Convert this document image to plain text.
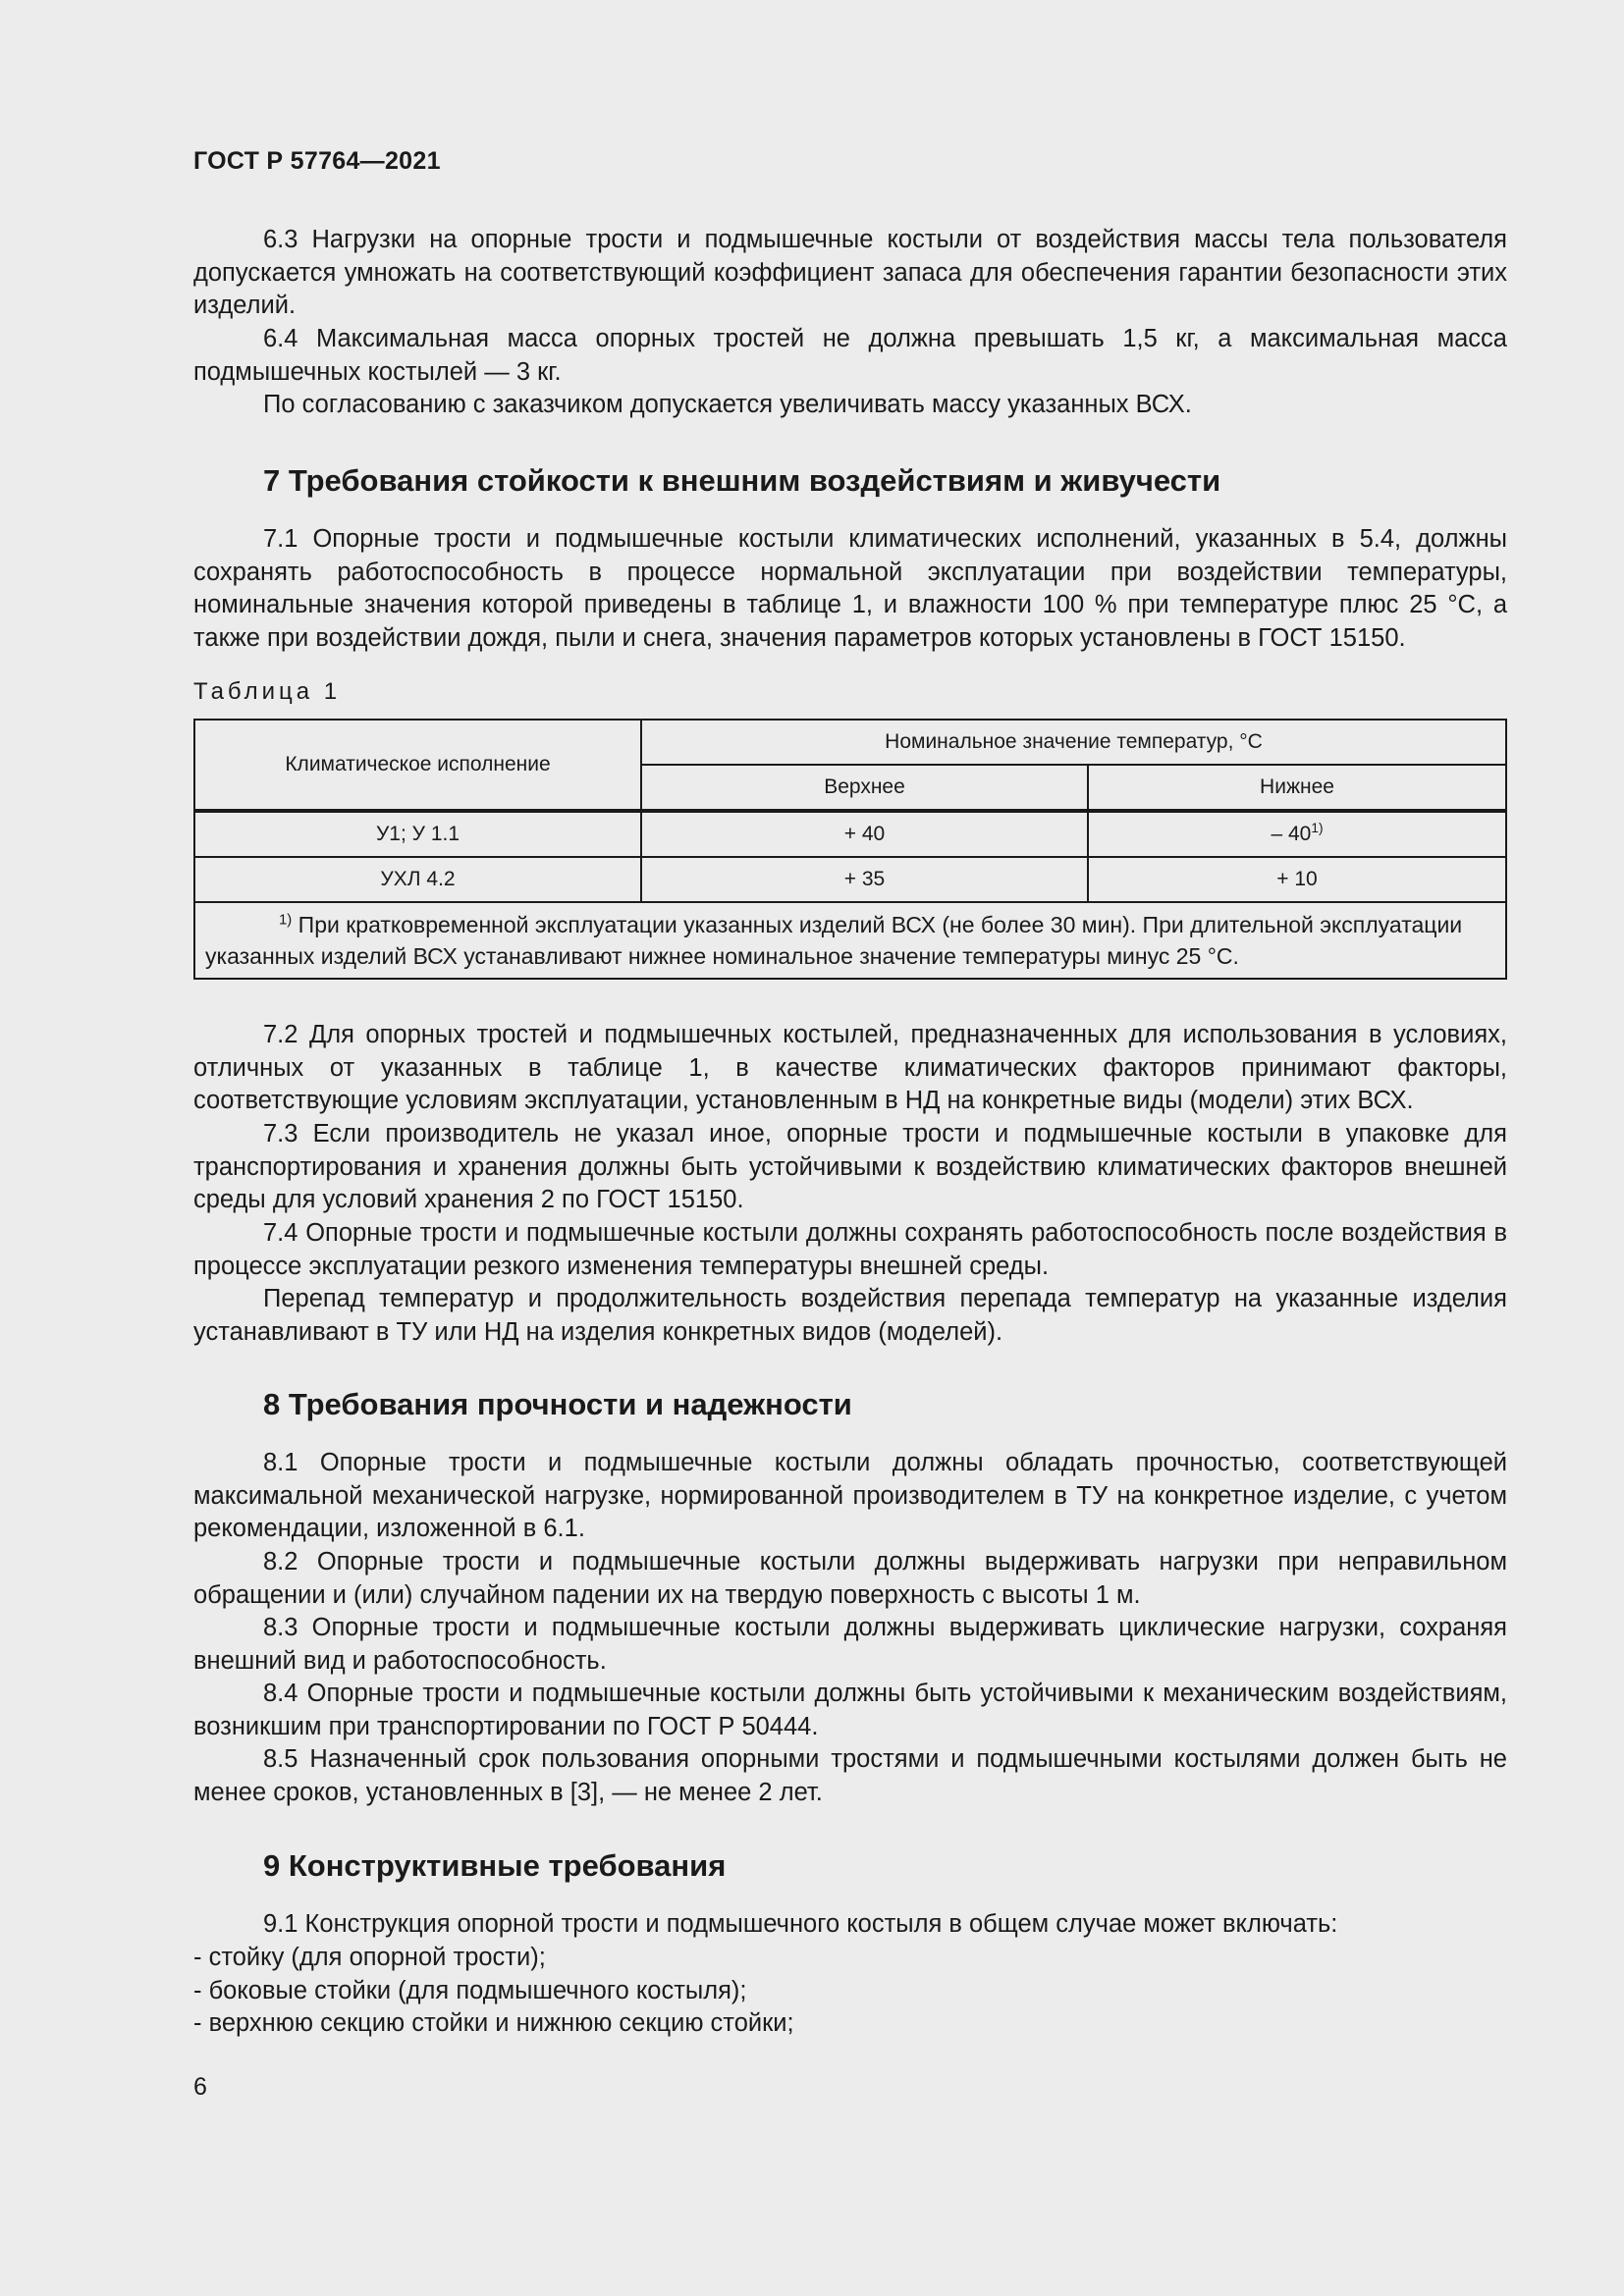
ГОСТ Р 57764—2021

6.3 Нагрузки на опорные трости и подмышечные костыли от воздействия массы тела пользователя допускается умножать на соответствующий коэффициент запаса для обеспечения гарантии безопасности этих изделий.

6.4 Максимальная масса опорных тростей не должна превышать 1,5 кг, а максимальная масса подмышечных костылей — 3 кг.

По согласованию с заказчиком допускается увеличивать массу указанных ВСХ.

7 Требования стойкости к внешним воздействиям и живучести

7.1 Опорные трости и подмышечные костыли климатических исполнений, указанных в 5.4, должны сохранять работоспособность в процессе нормальной эксплуатации при воздействии температуры, номинальные значения которой приведены в таблице 1, и влажности 100 % при температуре плюс 25 °С, а также при воздействии дождя, пыли и снега, значения параметров которых установлены в ГОСТ 15150.

Таблица 1

Климатическое исполнение	Номинальное значение температур, °С	
	Верхнее	Нижнее
У1; У 1.1	+ 40	– 40$^{1)}$
УХЛ 4.2	+ 35	+ 10

$^{1)}$ При кратковременной эксплуатации указанных изделий ВСХ (не более 30 мин). При длительной эксплуатации указанных изделий ВСХ устанавливают нижнее номинальное значение температуры минус 25 °С.		

7.2 Для опорных тростей и подмышечных костылей, предназначенных для использования в условиях, отличных от указанных в таблице 1, в качестве климатических факторов принимают факторы, соответствующие условиям эксплуатации, установленным в НД на конкретные виды (модели) этих ВСХ.

7.3 Если производитель не указал иное, опорные трости и подмышечные костыли в упаковке для транспортирования и хранения должны быть устойчивыми к воздействию климатических факторов внешней среды для условий хранения 2 по ГОСТ 15150.

7.4 Опорные трости и подмышечные костыли должны сохранять работоспособность после воздействия в процессе эксплуатации резкого изменения температуры внешней среды.

Перепад температур и продолжительность воздействия перепада температур на указанные изделия устанавливают в ТУ или НД на изделия конкретных видов (моделей).

8 Требования прочности и надежности

8.1 Опорные трости и подмышечные костыли должны обладать прочностью, соответствующей максимальной механической нагрузке, нормированной производителем в ТУ на конкретное изделие, с учетом рекомендации, изложенной в 6.1.

8.2 Опорные трости и подмышечные костыли должны выдерживать нагрузки при неправильном обращении и (или) случайном падении их на твердую поверхность с высоты 1 м.

8.3 Опорные трости и подмышечные костыли должны выдерживать циклические нагрузки, сохраняя внешний вид и работоспособность.

8.4 Опорные трости и подмышечные костыли должны быть устойчивыми к механическим воздействиям, возникшим при транспортировании по ГОСТ Р 50444.

8.5 Назначенный срок пользования опорными тростями и подмышечными костылями должен быть не менее сроков, установленных в [3], — не менее 2 лет.

9 Конструктивные требования

9.1 Конструкция опорной трости и подмышечного костыля в общем случае может включать:

- стойку (для опорной трости);
- боковые стойки (для подмышечного костыля);
- верхнюю секцию стойки и нижнюю секцию стойки;
6
